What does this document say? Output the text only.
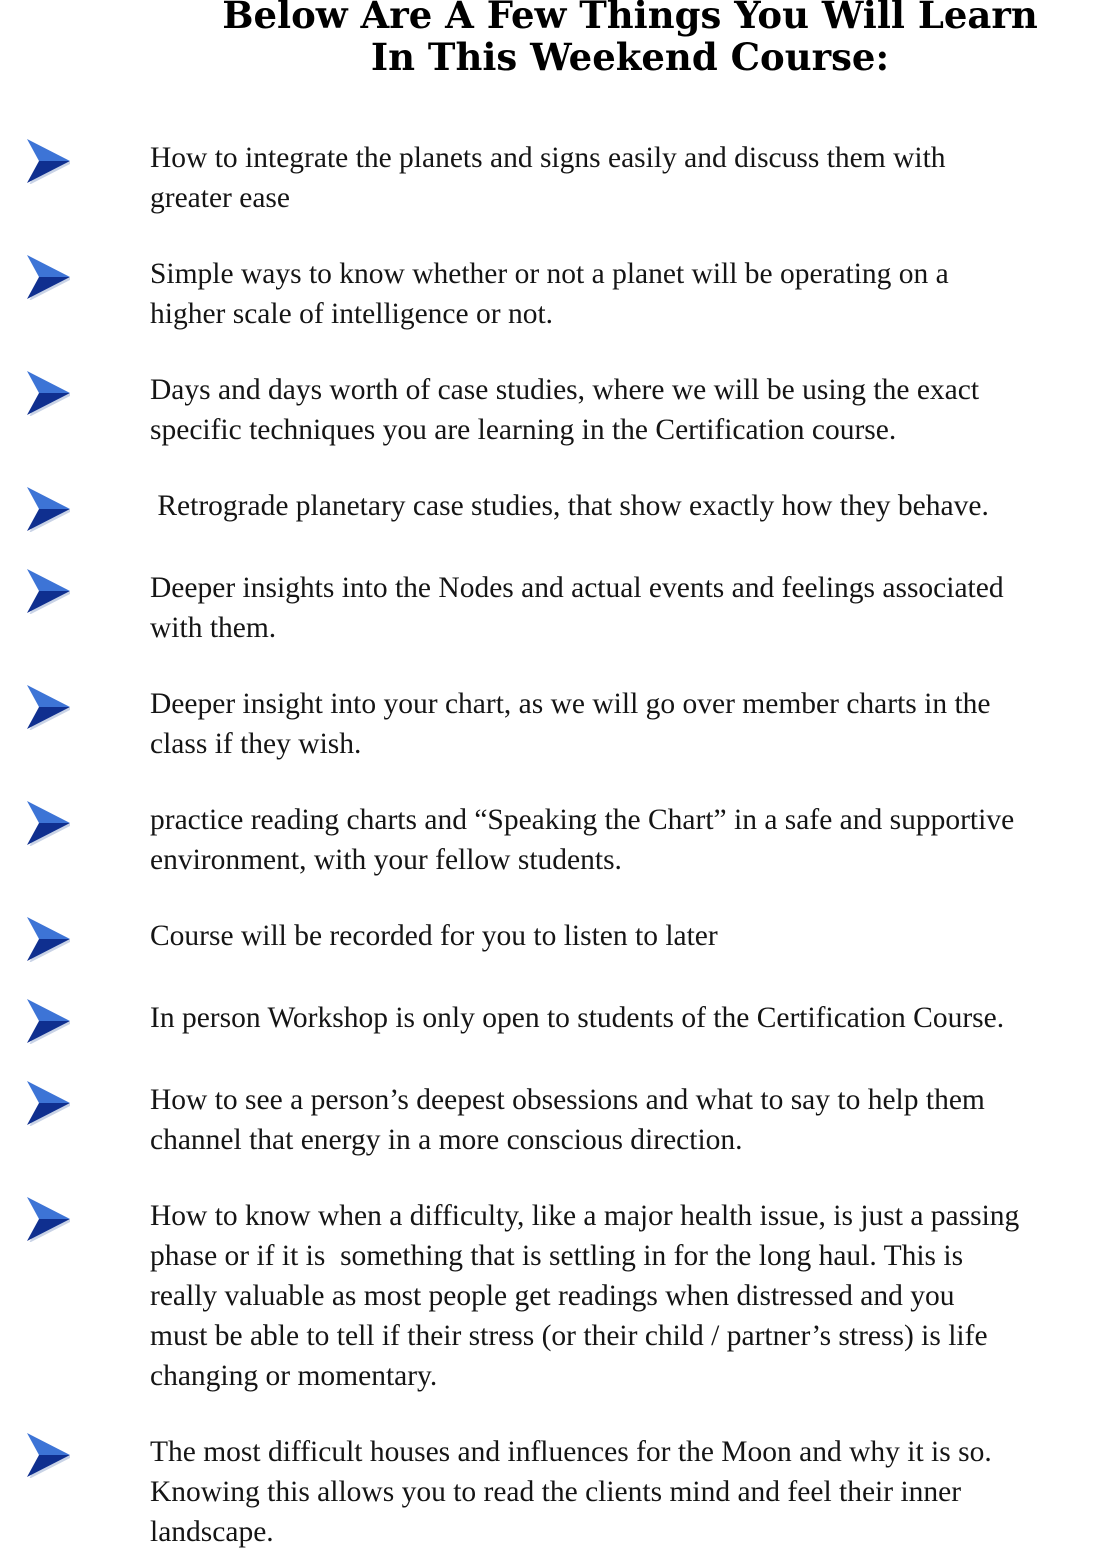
Below Are A Few Things You Will Learn
In This Weekend Course:

How to integrate the planets and signs easily and discuss them with
greater ease

Simple ways to know whether or not a planet will be operating on a
higher scale of intelligence or not.

Days and days worth of case studies, where we will be using the exact
specific techniques you are learning in the Certification course.

Retrograde planetary case studies, that show exactly how they behave.

Deeper insights into the Nodes and actual events and feelings associated
with them.

Deeper insight into your chart, as we will go over member charts in the
class if they wish.

practice reading charts and “Speaking the Chart” in a safe and supportive
environment, with your fellow students.

Course will be recorded for you to listen to later

In person Workshop is only open to students of the Certification Course.

How to see a person’s deepest obsessions and what to say to help them
channel that energy in a more conscious direction.

How to know when a difficulty, like a major health issue, is just a passing
phase or if it is  something that is settling in for the long haul. This is
really valuable as most people get readings when distressed and you
must be able to tell if their stress (or their child / partner’s stress) is life
changing or momentary.

The most difficult houses and influences for the Moon and why it is so.
Knowing this allows you to read the clients mind and feel their inner
landscape.
